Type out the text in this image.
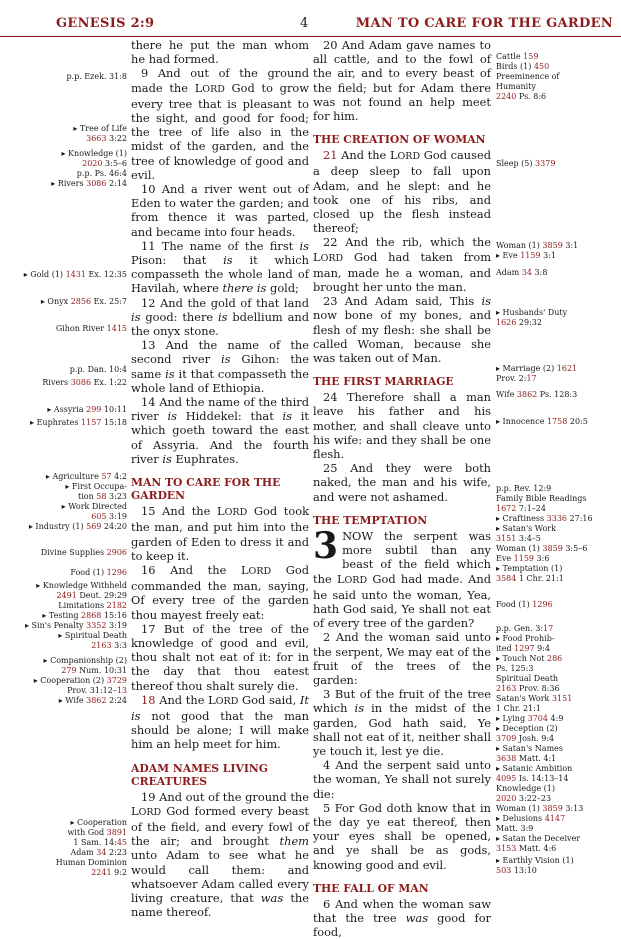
GENESIS 2:9	4	MAN TO CARE FOR THE GARDEN
p.p. Ezek. 31:8
▸ Tree of Life
3663 3:22
▸ Knowledge (1)
2020 3:5–6
p.p. Ps. 46:4
▸ Rivers 3086 2:14
▸ Gold (1) 1431 Ex. 12:35
▸ Onyx 2856 Ex. 25:7
Gihon River 1415
p.p. Dan. 10:4
Rivers 3086 Ex. 1:22
▸ Assyria 299 10:11
▸ Euphrates 1157 15:18
▸ Agriculture 57 4:2
▸ First Occupa-
tion 58 3:23
▸ Work Directed
605 3:19
▸ Industry (1) 569 24:20
Divine Supplies 2906
Food (1) 1296
▸ Knowledge Withheld
2491 Deut. 29:29
Limitations 2182
▸ Testing 2868 15:16
▸ Sin's Penalty 3352 3:19
▸ Spiritual Death
2163 3:3
▸ Companionship (2)
279 Num. 10:31
▸ Cooperation (2) 3729
Prov. 31:12–13
▸ Wife 3862 2:24
▸ Cooperation
with God 3891
1 Sam. 14:45
Adam 34 2:23
Human Dominion
2241 9:2

there he put the man whom he had formed.

9 And out of the ground made the LORD God to grow every tree that is pleasant to the sight, and good for food; the tree of life also in the midst of the garden, and the tree of knowledge of good and evil.

10 And a river went out of Eden to water the garden; and from thence it was parted, and became into four heads.

11 The name of the first is Pison: that is it which compasseth the whole land of Havilah, where there is gold;

12 And the gold of that land is good: there is bdellium and the onyx stone.

13 And the name of the second river is Gihon: the same is it that compasseth the whole land of Ethiopia.

14 And the name of the third river is Hiddekel: that is it which goeth toward the east of Assyria. And the fourth river is Euphrates.

MAN TO CARE FOR THE GARDEN

15 And the LORD God took the man, and put him into the garden of Eden to dress it and to keep it.

16 And the LORD God commanded the man, saying, Of every tree of the garden thou mayest freely eat:

17 But of the tree of the knowledge of good and evil, thou shalt not eat of it: for in the day that thou eatest thereof thou shalt surely die.

18 And the LORD God said, It is not good that the man should be alone; I will make him an help meet for him.

ADAM NAMES LIVING CREATURES

19 And out of the ground the LORD God formed every beast of the field, and every fowl of the air; and brought them unto Adam to see what he would call them: and whatsoever Adam called every living creature, that was the name thereof.

20 And Adam gave names to all cattle, and to the fowl of the air, and to every beast of the field; but for Adam there was not found an help meet for him.

THE CREATION OF WOMAN

21 And the LORD God caused a deep sleep to fall upon Adam, and he slept: and he took one of his ribs, and closed up the flesh instead thereof;

22 And the rib, which the LORD God had taken from man, made he a woman, and brought her unto the man.

23 And Adam said, This is now bone of my bones, and flesh of my flesh: she shall be called Woman, because she was taken out of Man.

THE FIRST MARRIAGE

24 Therefore shall a man leave his father and his mother, and shall cleave unto his wife: and they shall be one flesh.

25 And they were both naked, the man and his wife, and were not ashamed.

THE TEMPTATION

3 NOW the serpent was more subtil than any beast of the field which the LORD God had made. And he said unto the woman, Yea, hath God said, Ye shall not eat of every tree of the garden?

2 And the woman said unto the serpent, We may eat of the fruit of the trees of the garden:

3 But of the fruit of the tree which is in the midst of the garden, God hath said, Ye shall not eat of it, neither shall ye touch it, lest ye die.

4 And the serpent said unto the woman, Ye shall not surely die:

5 For God doth know that in the day ye eat thereof, then your eyes shall be opened, and ye shall be as gods, knowing good and evil.

THE FALL OF MAN

6 And when the woman saw that the tree was good for food,

Cattle 159
Birds (1) 450
Preeminence of
Humanity
2240 Ps. 8:6
Sleep (5) 3379
Woman (1) 3859 3:1
▸ Eve 1159 3:1
Adam 34 3:8
▸ Husbands' Duty
1626 29:32
▸ Marriage (2) 1621
Prov. 2:17
Wife 3862 Ps. 128:3
▸ Innocence 1758 20:5
p.p. Rev. 12:9
Family Bible Readings
1672 7:1–24
▸ Craftiness 3336 27:16
▸ Satan's Work
3151 3:4–5
Woman (1) 3859 3:5–6
Eve 1159 3:6
▸ Temptation (1)
3584 1 Chr. 21:1
Food (1) 1296
p.p. Gen. 3:17
▸ Food Prohib-
ited 1297 9:4
▸ Touch Not 286
Ps. 125:3
Spiritual Death
2163 Prov. 8:36
Satan's Work 3151
1 Chr. 21:1
▸ Lying 3704 4:9
▸ Deception (2)
3709 Josh. 9:4
▸ Satan's Names
3638 Matt. 4:1
▸ Satanic Ambition
4095 Is. 14:13–14
Knowledge (1)
2020 3:22–23
Woman (1) 3859 3:13
▸ Delusions 4147
Matt. 3:9
▸ Satan the Deceiver
3153 Matt. 4:6
▸ Earthly Vision (1)
503 13:10
